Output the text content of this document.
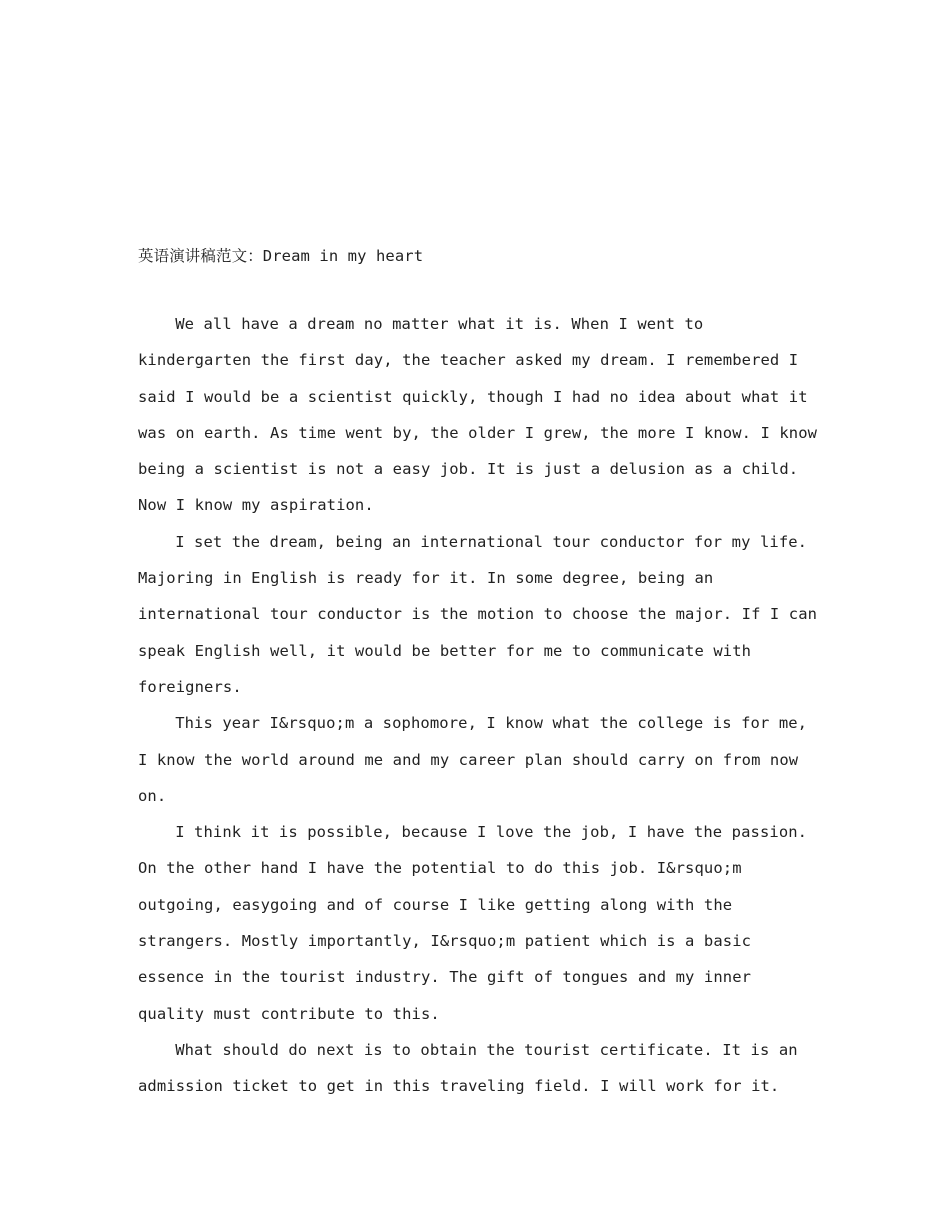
英语演讲稿范文：Dream in my heart

We all have a dream no matter what it is. When I went to kindergarten the first day, the teacher asked my dream. I remembered I said I would be a scientist quickly, though I had no idea about what it was on earth. As time went by, the older I grew, the more I know. I know being a scientist is not a easy job. It is just a delusion as a child. Now I know my aspiration.

I set the dream, being an international tour conductor for my life. Majoring in English is ready for it. In some degree, being an international tour conductor is the motion to choose the major. If I can speak English well, it would be better for me to communicate with foreigners.

This year I&rsquo;m a sophomore, I know what the college is for me, I know the world around me and my career plan should carry on from now on.

I think it is possible, because I love the job, I have the passion. On the other hand I have the potential to do this job. I&rsquo;m outgoing, easygoing and of course I like getting along with the strangers. Mostly importantly, I&rsquo;m patient which is a basic essence in the tourist industry. The gift of tongues and my inner quality must contribute to this.

What should do next is to obtain the tourist certificate. It is an admission ticket to get in this traveling field. I will work for it.
